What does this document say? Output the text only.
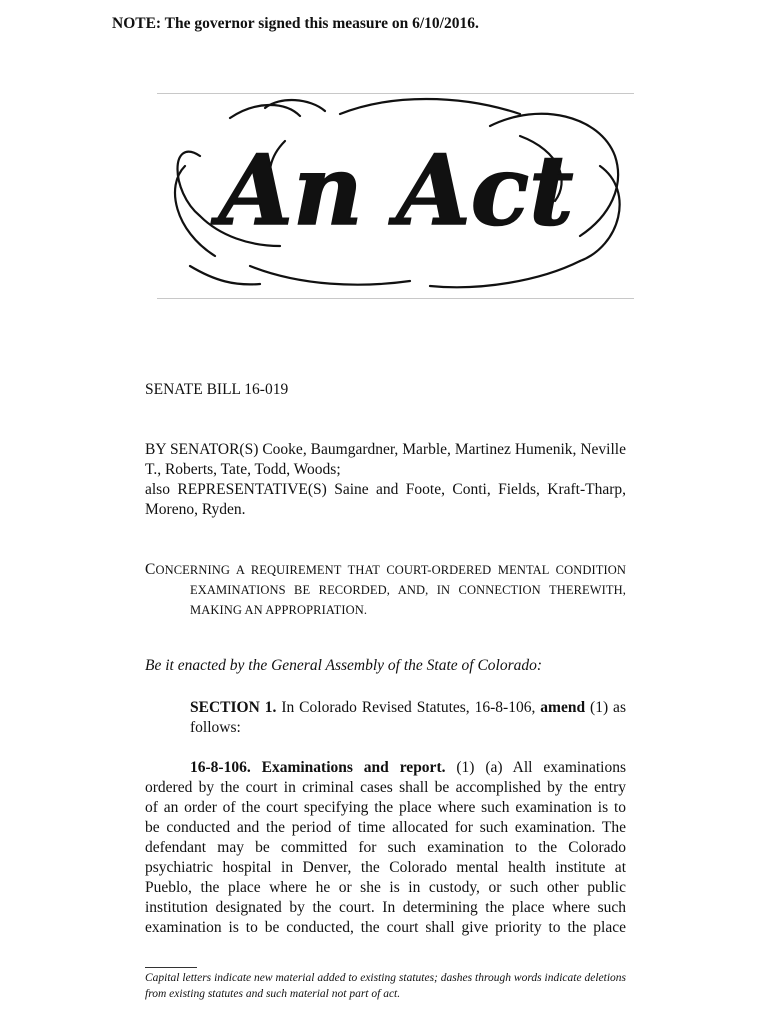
NOTE: The governor signed this measure on 6/10/2016.
An Act
SENATE BILL 16-019

BY SENATOR(S) Cooke, Baumgardner, Marble, Martinez Humenik, Neville T., Roberts, Tate, Todd, Woods;

also REPRESENTATIVE(S) Saine and Foote, Conti, Fields, Kraft-Tharp, Moreno, Ryden.

CONCERNING A REQUIREMENT THAT COURT-ORDERED MENTAL CONDITION

EXAMINATIONS BE RECORDED, AND, IN CONNECTION THEREWITH,

MAKING AN APPROPRIATION.

Be it enacted by the General Assembly of the State of Colorado:

SECTION 1. In Colorado Revised Statutes, 16-8-106, amend (1) as follows:

16-8-106. Examinations and report. (1) (a) All examinations

ordered by the court in criminal cases shall be accomplished by the entry

of an order of the court specifying the place where such examination is to

be conducted and the period of time allocated for such examination. The

defendant may be committed for such examination to the Colorado

psychiatric hospital in Denver, the Colorado mental health institute at

Pueblo, the place where he or she is in custody, or such other public

institution designated by the court. In determining the place where such

examination is to be conducted, the court shall give priority to the place

Capital letters indicate new material added to existing statutes; dashes through words indicate deletions from existing statutes and such material not part of act.
